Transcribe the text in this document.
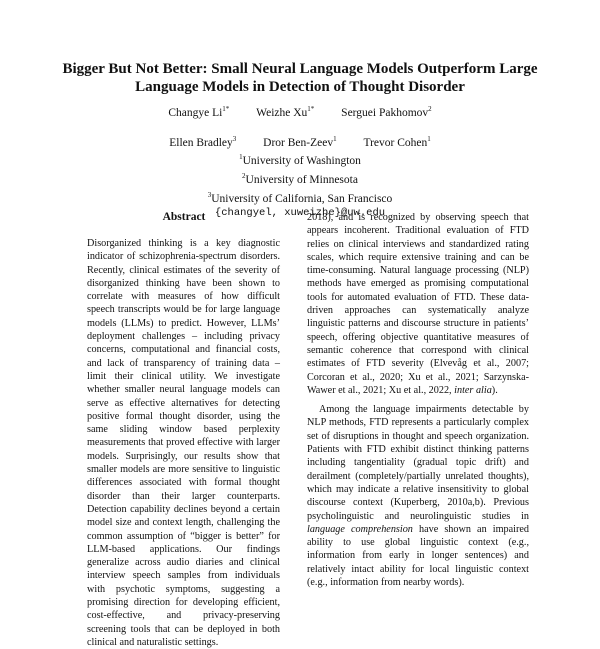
Bigger But Not Better: Small Neural Language Models Outperform Large Language Models in Detection of Thought Disorder
Changye $Li^{1*}$ Weizhe $Xu^{1*}$ Serguei Pakhomov$^2$
Ellen Bradley$^3$ Dror Ben-Zeev$^1$ Trevor Cohen$^1$
$^1$University of Washington
$^2$University of Minnesota
$^3$University of California, San Francisco
{changyel, xuweizhe}@uw.edu
Abstract

Disorganized thinking is a key diagnostic indicator of schizophrenia-spectrum disorders. Recently, clinical estimates of the severity of disorganized thinking have been shown to correlate with measures of how difficult speech transcripts would be for large language models (LLMs) to predict. However, LLMs’ deployment challenges – including privacy concerns, computational and financial costs, and lack of transparency of training data – limit their clinical utility. We investigate whether smaller neural language models can serve as effective alternatives for detecting positive formal thought disorder, using the same sliding window based perplexity measurements that proved effective with larger models. Surprisingly, our results show that smaller models are more sensitive to linguistic differences associated with formal thought disorder than their larger counterparts. Detection capability declines beyond a certain model size and context length, challenging the common assumption of “bigger is better” for LLM-based applications. Our findings generalize across audio diaries and clinical interview speech samples from individuals with psychotic symptoms, suggesting a promising direction for developing efficient, cost-effective, and privacy-preserving screening tools that can be deployed in both clinical and naturalistic settings.

2018), and is recognized by observing speech that appears incoherent. Traditional evaluation of FTD relies on clinical interviews and standardized rating scales, which require extensive training and can be time-consuming. Natural language processing (NLP) methods have emerged as promising computational tools for automated evaluation of FTD. These data-driven approaches can systematically analyze linguistic patterns and discourse structure in patients’ speech, offering objective quantitative measures of semantic coherence that correspond with clinical estimates of FTD severity (Elvevåg et al., 2007; Corcoran et al., 2020; Xu et al., 2021; Sarzynska-Wawer et al., 2021; Xu et al., 2022, inter alia).

Among the language impairments detectable by NLP methods, FTD represents a particularly complex set of disruptions in thought and speech organization. Patients with FTD exhibit distinct thinking patterns including tangentiality (gradual topic drift) and derailment (completely/partially unrelated thoughts), which may indicate a relative insensitivity to global discourse context (Kuperberg, 2010a,b). Previous psycholinguistic and neurolinguistic studies in language comprehension have shown an impaired ability to use global linguistic context (e.g., information from early in longer sentences) and relatively intact ability for local linguistic context (e.g., information from nearby words).
